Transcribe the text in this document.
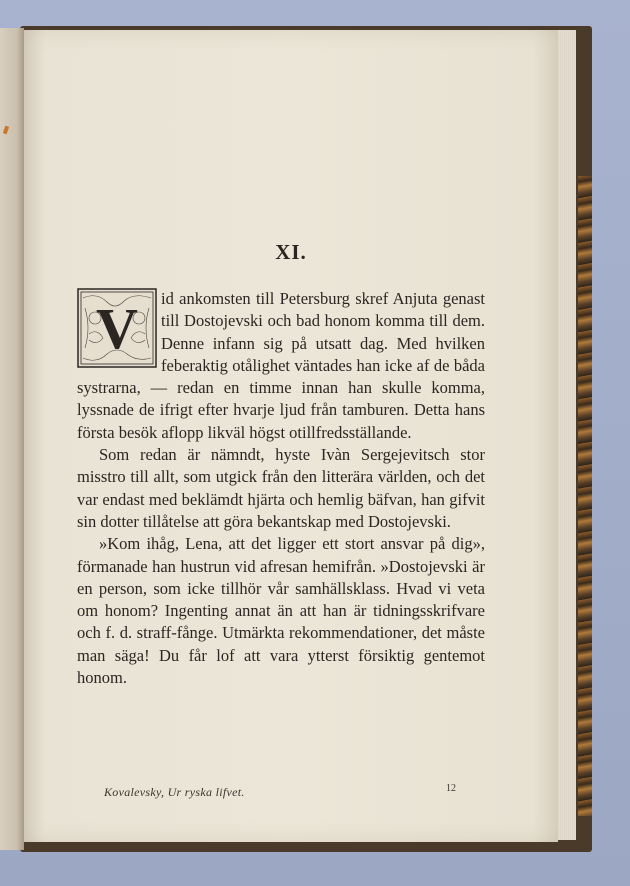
XI.
V	id ankomsten till Petersburg skref Anjuta genast till Dostojevski och bad honom komma till dem. Denne infann sig på utsatt dag. Med hvilken feberaktig otålighet väntades han icke af de båda systrarna, — redan en timme innan han skulle komma, lyssnade de ifrigt efter hvarje ljud från tamburen. Detta hans första besök aflopp likväl högst otillfredsställande.

Som redan är nämndt, hyste Ivàn Sergejevitsch stor misstro till allt, som utgick från den litterära världen, och det var endast med beklämdt hjärta och hemlig bäfvan, han gifvit sin dotter tillåtelse att göra bekantskap med Dostojevski.

»Kom ihåg, Lena, att det ligger ett stort ansvar på dig», förmanade han hustrun vid afresan hemifrån. »Dostojevski är en person, som icke tillhör vår samhällsklass. Hvad vi veta om honom? Ingenting annat än att han är tidningsskrifvare och f. d. straff-fånge. Utmärkta rekommendationer, det måste man säga! Du får lof att vara ytterst försiktig gentemot honom.

Kovalevsky, Ur ryska lifvet.	12
